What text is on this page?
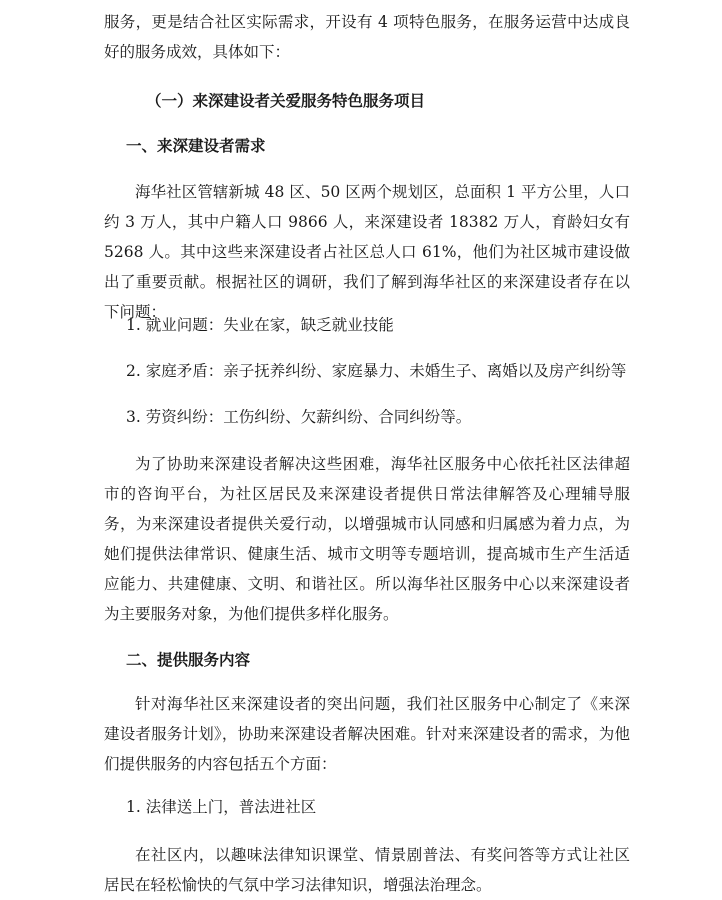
服务，更是结合社区实际需求，开设有 4 项特色服务，在服务运营中达成良好的服务成效，具体如下：

（一）来深建设者关爱服务特色服务项目

一、来深建设者需求

海华社区管辖新城 48 区、50 区两个规划区，总面积 1 平方公里，人口约 3 万人，其中户籍人口 9866 人，来深建设者 18382 万人，育龄妇女有 5268 人。其中这些来深建设者占社区总人口 61%，他们为社区城市建设做出了重要贡献。根据社区的调研，我们了解到海华社区的来深建设者存在以下问题：

1. 就业问题：失业在家，缺乏就业技能

2. 家庭矛盾：亲子抚养纠纷、家庭暴力、未婚生子、离婚以及房产纠纷等

3. 劳资纠纷：工伤纠纷、欠薪纠纷、合同纠纷等。

为了协助来深建设者解决这些困难，海华社区服务中心依托社区法律超市的咨询平台，为社区居民及来深建设者提供日常法律解答及心理辅导服务，为来深建设者提供关爱行动，以增强城市认同感和归属感为着力点，为她们提供法律常识、健康生活、城市文明等专题培训，提高城市生产生活适应能力、共建健康、文明、和谐社区。所以海华社区服务中心以来深建设者为主要服务对象，为他们提供多样化服务。

二、提供服务内容

针对海华社区来深建设者的突出问题，我们社区服务中心制定了《来深建设者服务计划》，协助来深建设者解决困难。针对来深建设者的需求，为他们提供服务的内容包括五个方面：

1. 法律送上门，普法进社区

在社区内，以趣味法律知识课堂、情景剧普法、有奖问答等方式让社区居民在轻松愉快的气氛中学习法律知识，增强法治理念。
